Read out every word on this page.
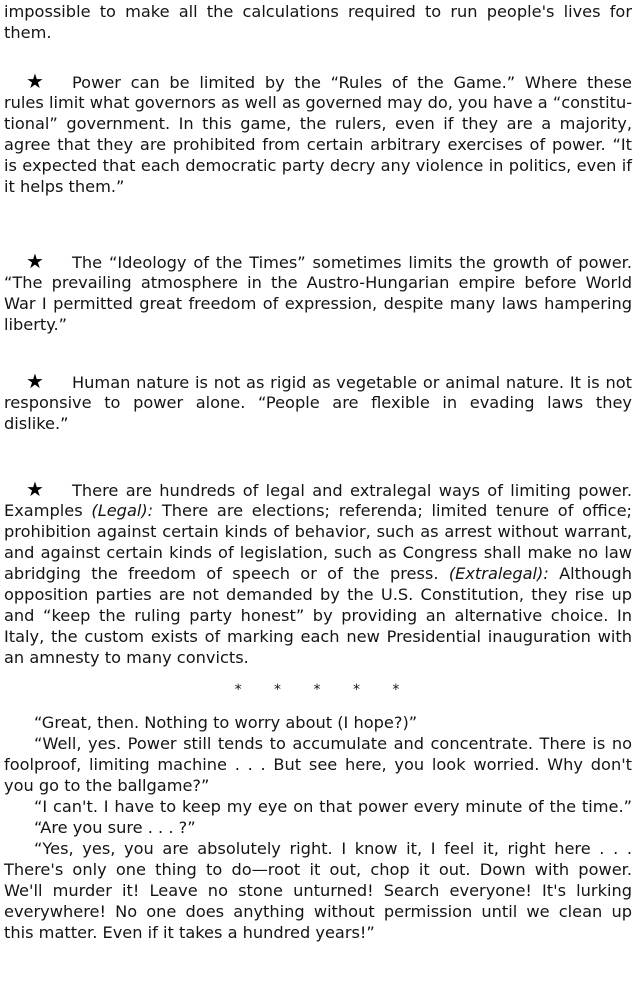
impossible to make all the calculations required to run people's lives for
them.
★ Power can be limited by the “Rules of the Game.” Where these
rules limit what governors as well as governed may do, you have a “constitu-
tional” government. In this game, the rulers, even if they are a majority,
agree that they are prohibited from certain arbitrary exercises of power. “It
is expected that each democratic party decry any violence in politics, even if
it helps them.”
★ The “Ideology of the Times” sometimes limits the growth of power.
“The prevailing atmosphere in the Austro-Hungarian empire before World
War I permitted great freedom of expression, despite many laws hampering
liberty.”
★ Human nature is not as rigid as vegetable or animal nature. It is not
responsive to power alone. “People are flexible in evading laws they
dislike.”
★ There are hundreds of legal and extralegal ways of limiting power.
Examples (Legal): There are elections; referenda; limited tenure of office;
prohibition against certain kinds of behavior, such as arrest without warrant,
and against certain kinds of legislation, such as Congress shall make no law
abridging the freedom of speech or of the press. (Extralegal): Although
opposition parties are not demanded by the U.S. Constitution, they rise up
and “keep the ruling party honest” by providing an alternative choice. In
Italy, the custom exists of marking each new Presidential inauguration with
an amnesty to many convicts.
* * * * *
“Great, then. Nothing to worry about (I hope?)”
“Well, yes. Power still tends to accumulate and concentrate. There is no
foolproof, limiting machine . . . But see here, you look worried. Why don't
you go to the ballgame?”
“I can't. I have to keep my eye on that power every minute of the time.”
“Are you sure . . . ?”
“Yes, yes, you are absolutely right. I know it, I feel it, right here . . .
There's only one thing to do—root it out, chop it out. Down with power.
We'll murder it! Leave no stone unturned! Search everyone! It's lurking
everywhere! No one does anything without permission until we clean up
this matter. Even if it takes a hundred years!”
